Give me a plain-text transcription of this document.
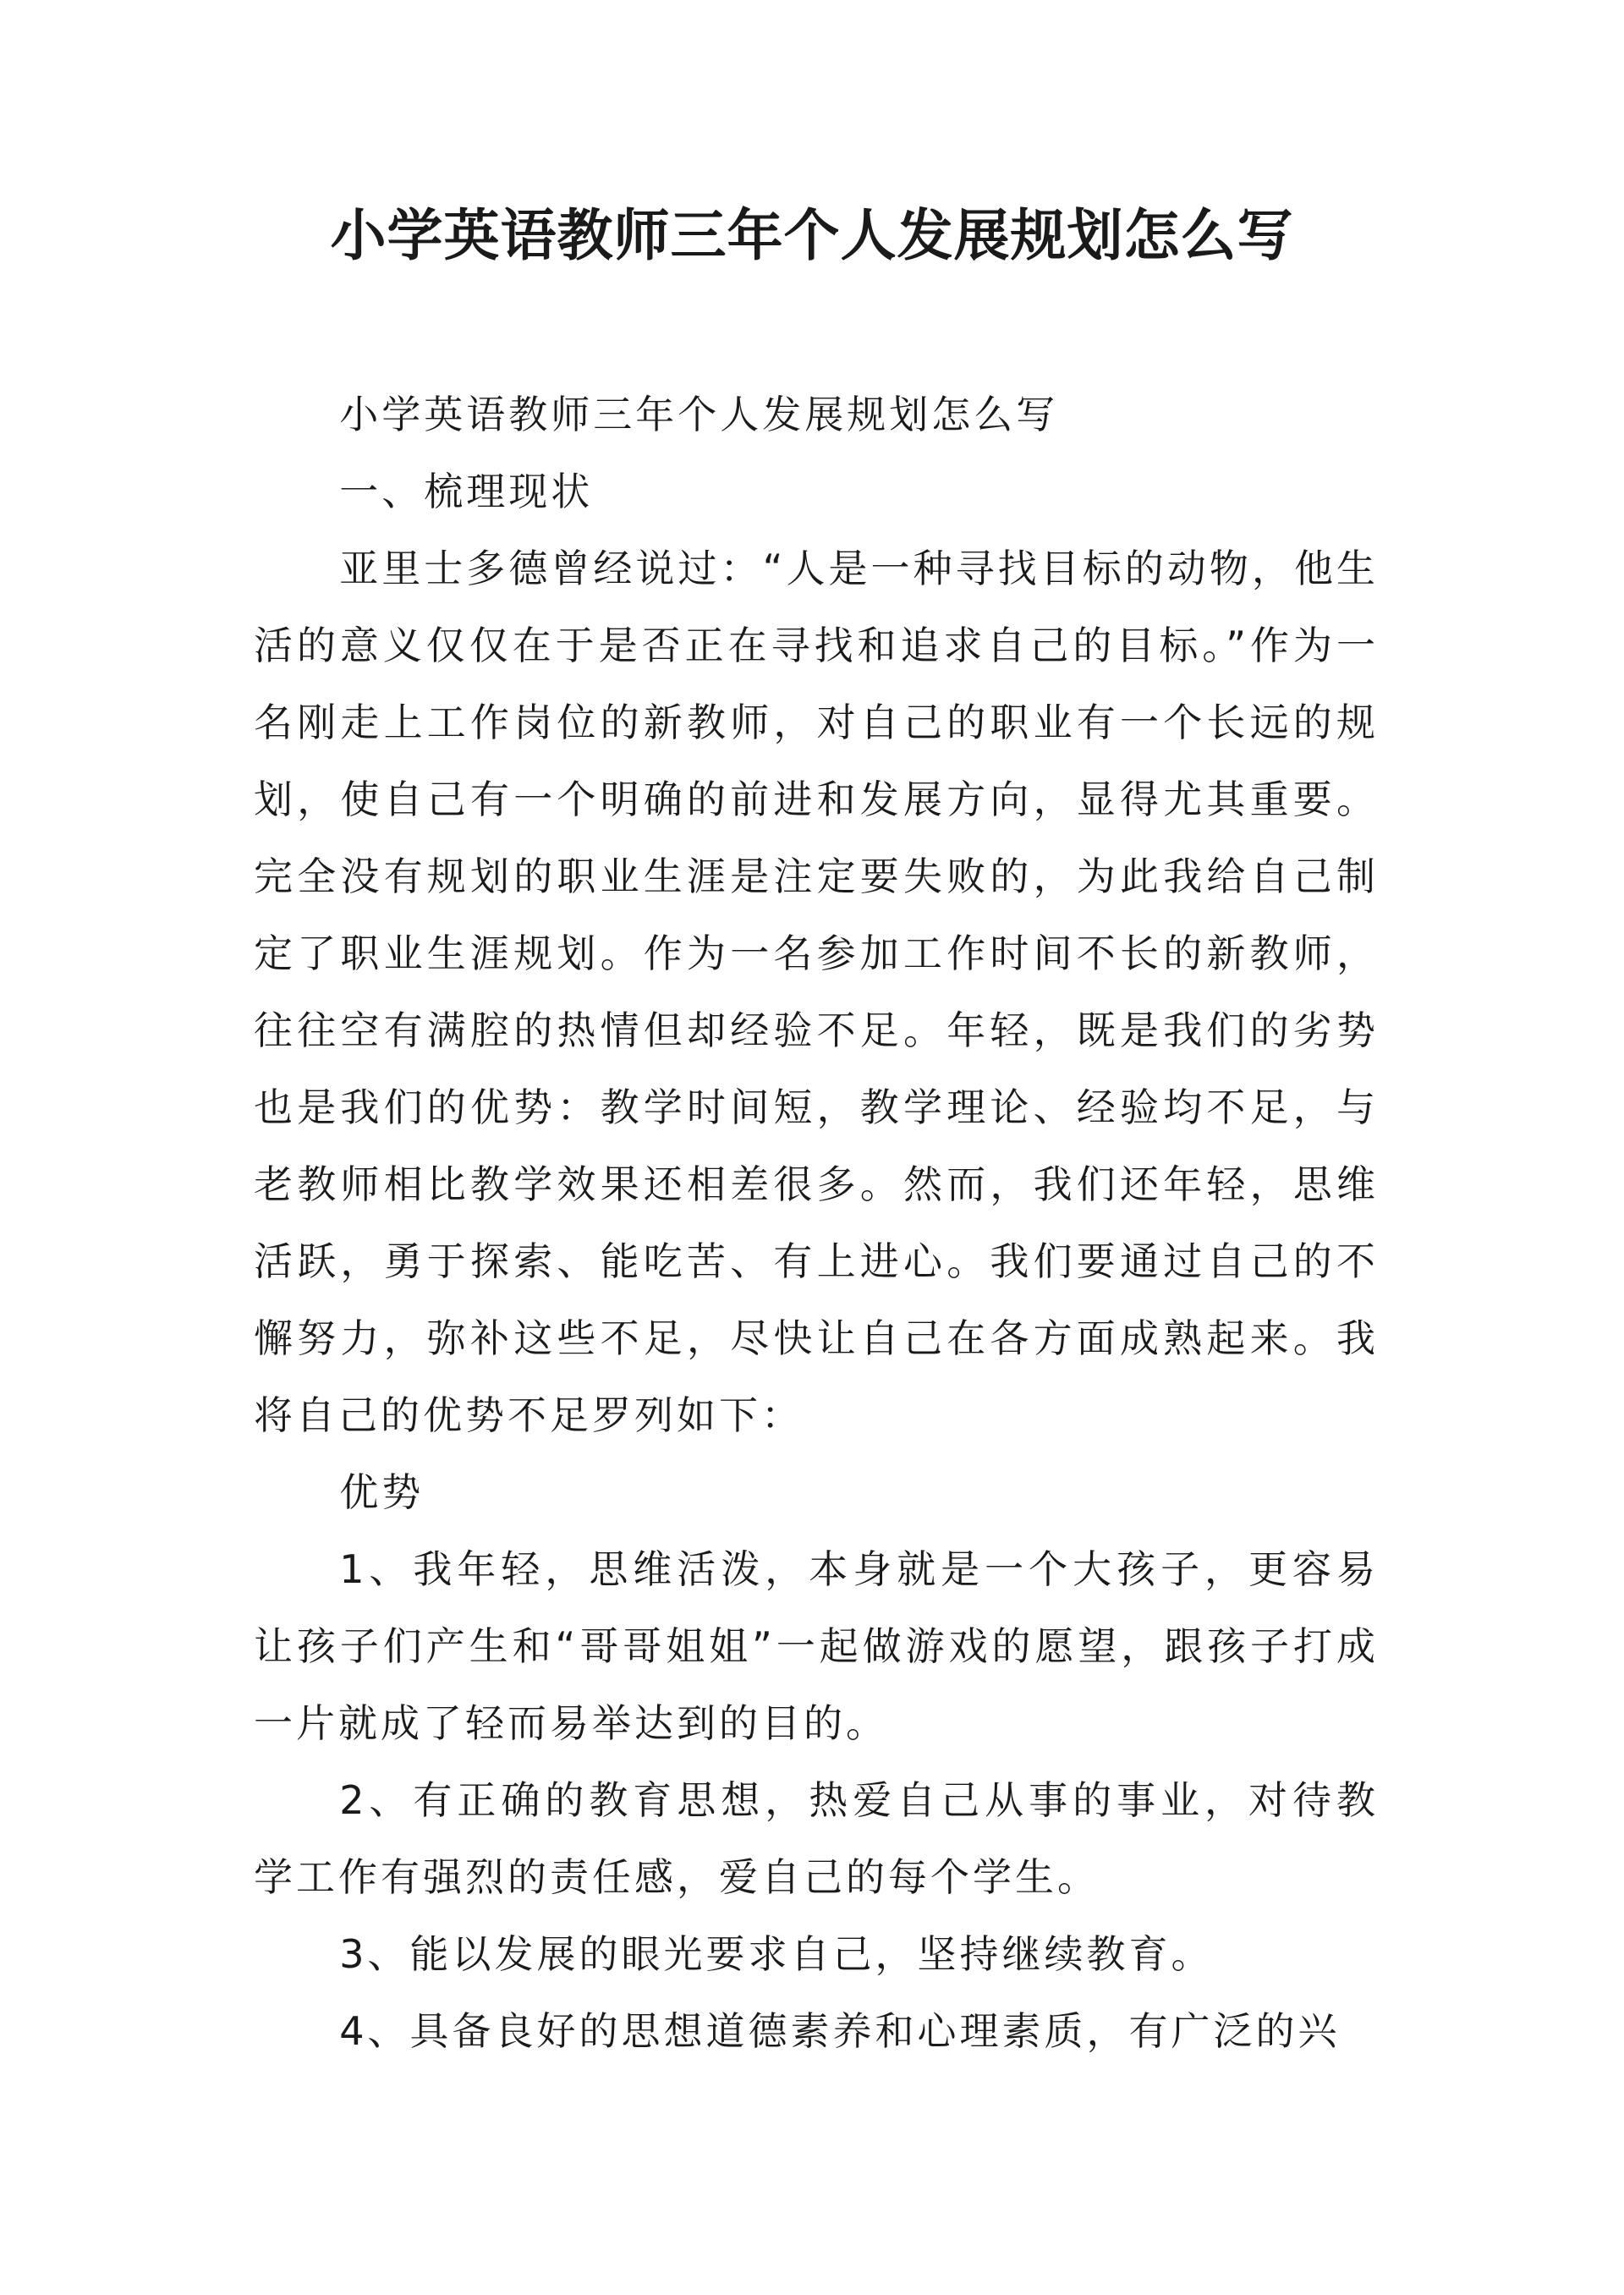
小学英语教师三年个人发展规划怎么写

小学英语教师三年个人发展规划怎么写

一、梳理现状

亚里士多德曾经说过：“人是一种寻找目标的动物，他生活的意义仅仅在于是否正在寻找和追求自己的目标。”作为一名刚走上工作岗位的新教师，对自己的职业有一个长远的规划，使自己有一个明确的前进和发展方向，显得尤其重要。完全没有规划的职业生涯是注定要失败的，为此我给自己制定了职业生涯规划。作为一名参加工作时间不长的新教师，往往空有满腔的热情但却经验不足。年轻，既是我们的劣势也是我们的优势：教学时间短，教学理论、经验均不足，与老教师相比教学效果还相差很多。然而，我们还年轻，思维活跃，勇于探索、能吃苦、有上进心。我们要通过自己的不懈努力，弥补这些不足，尽快让自己在各方面成熟起来。我将自己的优势不足罗列如下：

优势

1、我年轻，思维活泼，本身就是一个大孩子，更容易让孩子们产生和“哥哥姐姐”一起做游戏的愿望，跟孩子打成一片就成了轻而易举达到的目的。

2、有正确的教育思想，热爱自己从事的事业，对待教学工作有强烈的责任感，爱自己的每个学生。

3、能以发展的眼光要求自己，坚持继续教育。

4、具备良好的思想道德素养和心理素质，有广泛的兴
